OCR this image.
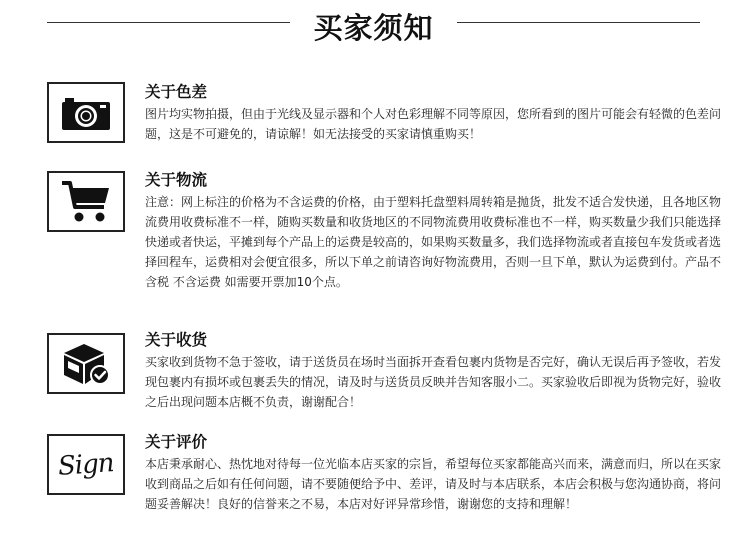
买家须知

关于色差

图片均实物拍摄，但由于光线及显示器和个人对色彩理解不同等原因，您所看到的图片可能会有轻微的色差问题，这是不可避免的，请谅解！如无法接受的买家请慎重购买！

关于物流

注意：网上标注的价格为不含运费的价格，由于塑料托盘塑料周转箱是抛货，批发不适合发快递，且各地区物流费用收费标准不一样，随购买数量和收货地区的不同物流费用收费标准也不一样，购买数量少我们只能选择快递或者快运，平摊到每个产品上的运费是较高的，如果购买数量多，我们选择物流或者直接包车发货或者选择回程车，运费相对会便宜很多，所以下单之前请咨询好物流费用，否则一旦下单，默认为运费到付。产品不含税 不含运费 如需要开票加10个点。

关于收货

买家收到货物不急于签收，请于送货员在场时当面拆开查看包裹内货物是否完好，确认无误后再予签收，若发现包裹内有损坏或包裹丢失的情况，请及时与送货员反映并告知客服小二。买家验收后即视为货物完好，验收之后出现问题本店概不负责，谢谢配合！

Sign

关于评价

本店秉承耐心、热忱地对待每一位光临本店买家的宗旨，希望每位买家都能高兴而来，满意而归，所以在买家收到商品之后如有任何问题，请不要随便给予中、差评，请及时与本店联系，本店会积极与您沟通协商，将问题妥善解决！良好的信誉来之不易，本店对好评异常珍惜，谢谢您的支持和理解！
